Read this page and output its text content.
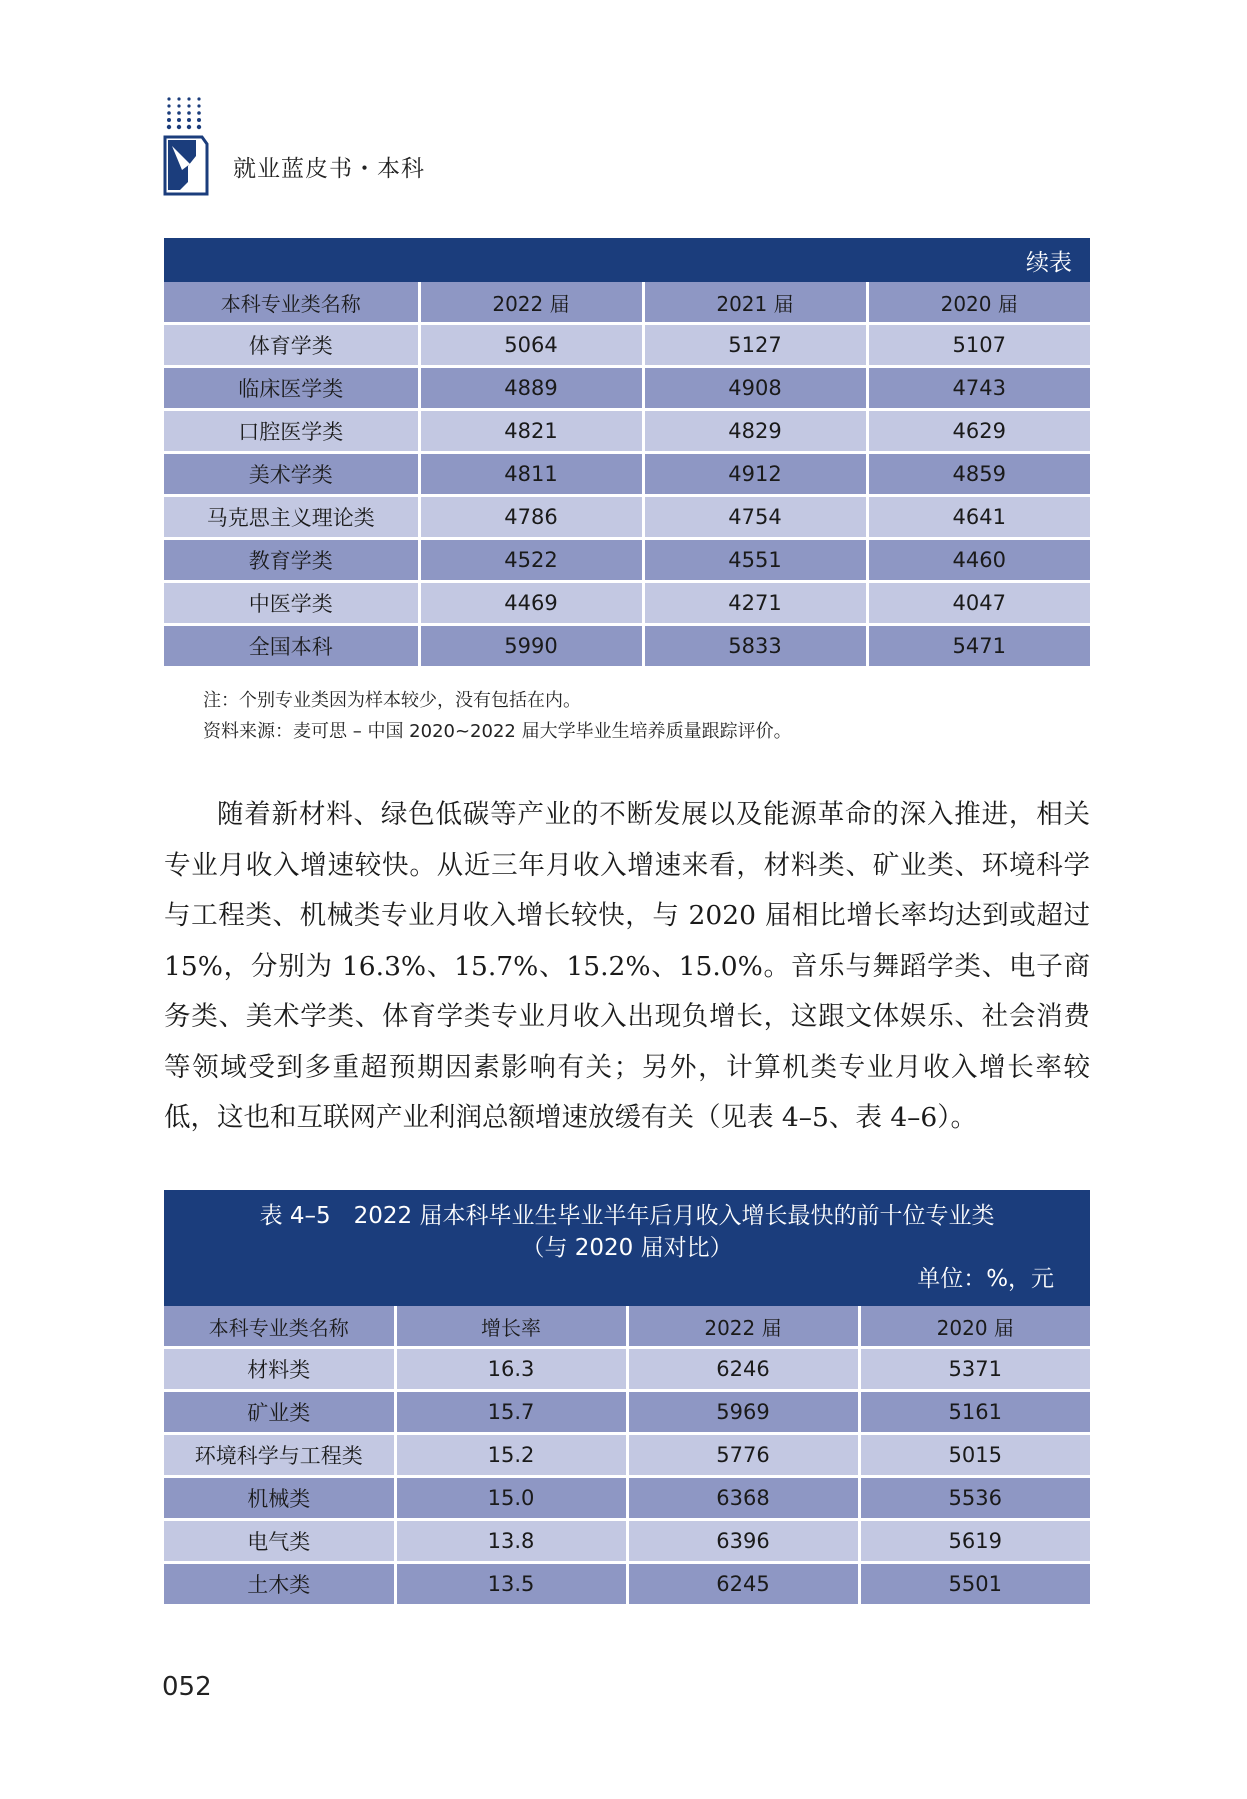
就业蓝皮书・本科
续表			
本科专业类名称	2022 届	2021 届	2020 届
体育学类	5064	5127	5107
临床医学类	4889	4908	4743
口腔医学类	4821	4829	4629
美术学类	4811	4912	4859
马克思主义理论类	4786	4754	4641
教育学类	4522	4551	4460
中医学类	4469	4271	4047
全国本科	5990	5833	5471
注：个别专业类因为样本较少，没有包括在内。
资料来源：麦可思 – 中国 2020~2022 届大学毕业生培养质量跟踪评价。

随着新材料、绿色低碳等产业的不断发展以及能源革命的深入推进，相关专业月收入增速较快。从近三年月收入增速来看，材料类、矿业类、环境科学与工程类、机械类专业月收入增长较快，与 2020 届相比增长率均达到或超过 15%，分别为 16.3%、15.7%、15.2%、15.0%。音乐与舞蹈学类、电子商务类、美术学类、体育学类专业月收入出现负增长，这跟文体娱乐、社会消费等领域受到多重超预期因素影响有关；另外，计算机类专业月收入增长率较低，这也和互联网产业利润总额增速放缓有关（见表 4–5、表 4–6）。

表 4–5　2022 届本科毕业生毕业半年后月收入增长最快的前十位专业类
（与 2020 届对比）
单位：%，元			

本科专业类名称	增长率	2022 届	2020 届
材料类	16.3	6246	5371
矿业类	15.7	5969	5161
环境科学与工程类	15.2	5776	5015
机械类	15.0	6368	5536
电气类	13.8	6396	5619
土木类	13.5	6245	5501
052
